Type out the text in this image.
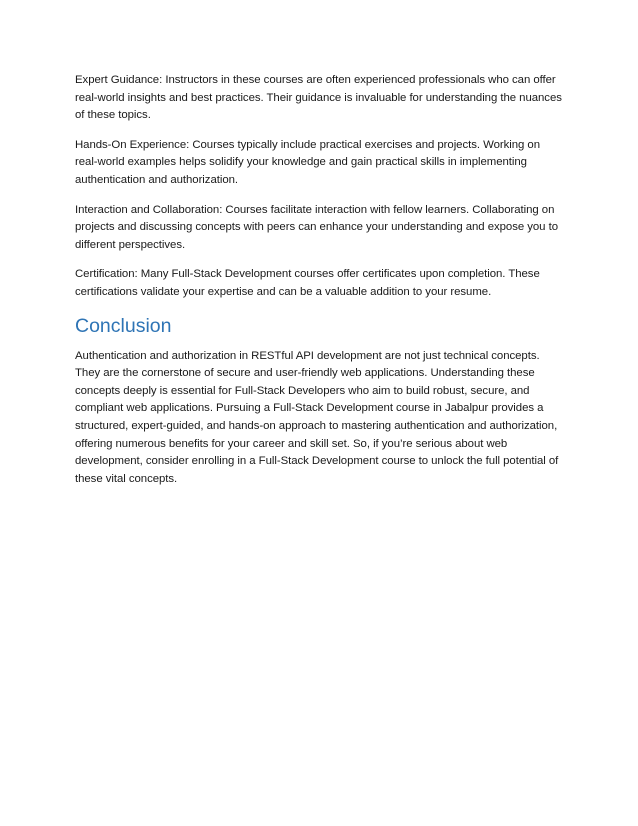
Expert Guidance: Instructors in these courses are often experienced professionals who can offer real-world insights and best practices. Their guidance is invaluable for understanding the nuances of these topics.

Hands-On Experience: Courses typically include practical exercises and projects. Working on real-world examples helps solidify your knowledge and gain practical skills in implementing authentication and authorization.

Interaction and Collaboration: Courses facilitate interaction with fellow learners. Collaborating on projects and discussing concepts with peers can enhance your understanding and expose you to different perspectives.

Certification: Many Full-Stack Development courses offer certificates upon completion. These certifications validate your expertise and can be a valuable addition to your resume.

Conclusion

Authentication and authorization in RESTful API development are not just technical concepts. They are the cornerstone of secure and user-friendly web applications. Understanding these concepts deeply is essential for Full-Stack Developers who aim to build robust, secure, and compliant web applications. Pursuing a Full-Stack Development course in Jabalpur provides a structured, expert-guided, and hands-on approach to mastering authentication and authorization, offering numerous benefits for your career and skill set. So, if you’re serious about web development, consider enrolling in a Full-Stack Development course to unlock the full potential of these vital concepts.
